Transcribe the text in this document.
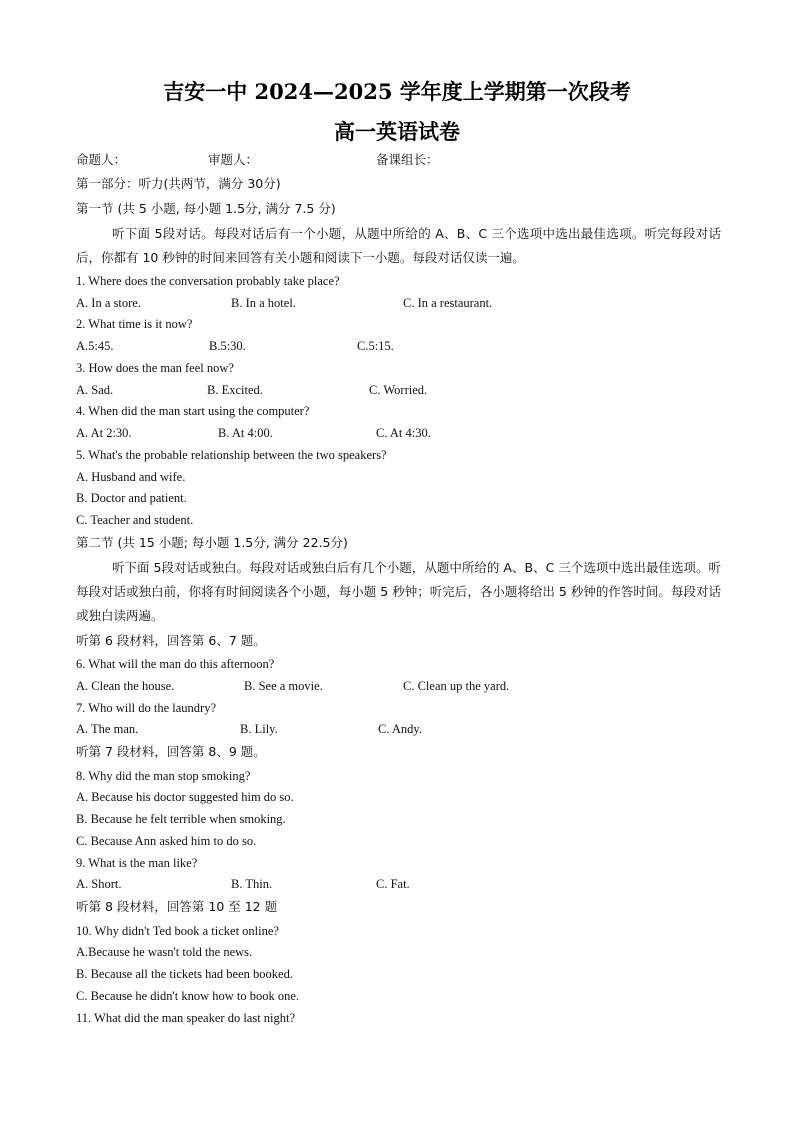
吉安一中 2024—2025 学年度上学期第一次段考
高一英语试卷
命题人：	审题人：	备课组长：
第一部分：听力(共两节，满分 30分)
第一节 (共 5 小题, 每小题 1.5分, 满分 7.5 分)
听下面 5段对话。每段对话后有一个小题，从题中所给的 A、B、C 三个选项中选出最佳选项。听完每段对话后，你都有 10 秒钟的时间来回答有关小题和阅读下一小题。每段对话仅读一遍。
1. Where does the conversation probably take place?
A. In a store.	B. In a hotel.	C. In a restaurant.
2. What time is it now?
A.5:45.	B.5:30.	C.5:15.
3. How does the man feel now?
A. Sad.	B. Excited.	C. Worried.
4. When did the man start using the computer?
A. At 2:30.	B. At 4:00.	C. At 4:30.
5. What's the probable relationship between the two speakers?
A. Husband and wife.
B. Doctor and patient.
C. Teacher and student.
第二节 (共 15 小题; 每小题 1.5分, 满分 22.5分)
听下面 5段对话或独白。每段对话或独白后有几个小题，从题中所给的 A、B、C 三个选项中选出最佳选项。听每段对话或独白前，你将有时间阅读各个小题，每小题 5 秒钟；听完后，各小题将给出 5 秒钟的作答时间。每段对话或独白读两遍。
听第 6 段材料，回答第 6、7 题。
6. What will the man do this afternoon?
A. Clean the house.	B. See a movie.	C. Clean up the yard.
7. Who will do the laundry?
A. The man.	B. Lily.	C. Andy.
听第 7 段材料，回答第 8、9 题。
8. Why did the man stop smoking?
A. Because his doctor suggested him do so.
B. Because he felt terrible when smoking.
C. Because Ann asked him to do so.
9. What is the man like?
A. Short.	B. Thin.	C. Fat.
听第 8 段材料，回答第 10 至 12 题
10. Why didn't Ted book a ticket online?
A.Because he wasn't told the news.
B. Because all the tickets had been booked.
C. Because he didn't know how to book one.
11. What did the man speaker do last night?
